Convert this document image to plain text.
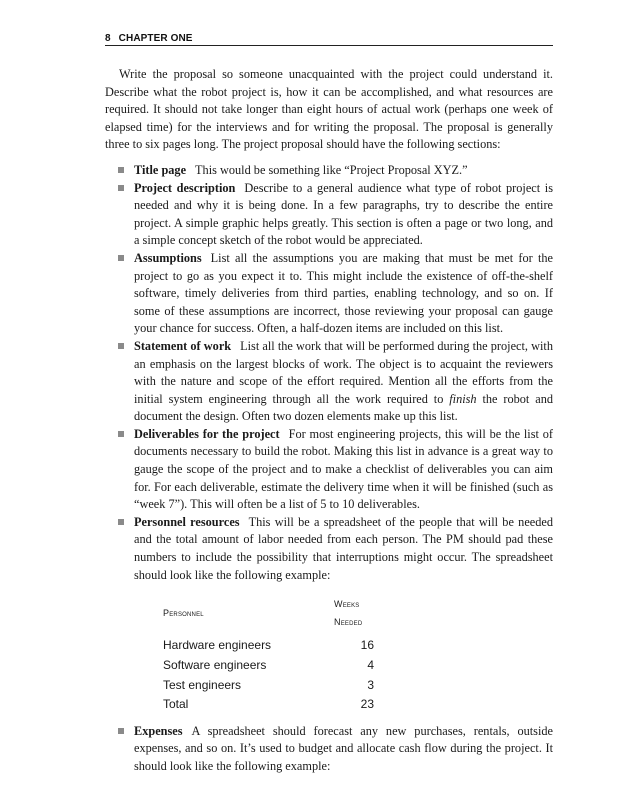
8 CHAPTER ONE

Write the proposal so someone unacquainted with the project could understand it. Describe what the robot project is, how it can be accomplished, and what resources are required. It should not take longer than eight hours of actual work (perhaps one week of elapsed time) for the interviews and for writing the proposal. The proposal is generally three to six pages long. The project proposal should have the following sections:

Title page This would be something like “Project Proposal XYZ.”
Project description Describe to a general audience what type of robot project is needed and why it is being done. In a few paragraphs, try to describe the entire project. A simple graphic helps greatly. This section is often a page or two long, and a simple concept sketch of the robot would be appreciated.
Assumptions List all the assumptions you are making that must be met for the project to go as you expect it to. This might include the existence of off-the-shelf software, timely deliveries from third parties, enabling technology, and so on. If some of these assumptions are incorrect, those reviewing your proposal can gauge your chance for success. Often, a half-dozen items are included on this list.
Statement of work List all the work that will be performed during the project, with an emphasis on the largest blocks of work. The object is to acquaint the reviewers with the nature and scope of the effort required. Mention all the efforts from the initial system engineering through all the work required to finish the robot and document the design. Often two dozen elements make up this list.
Deliverables for the project For most engineering projects, this will be the list of documents necessary to build the robot. Making this list in advance is a great way to gauge the scope of the project and to make a checklist of deliverables you can aim for. For each deliverable, estimate the delivery time when it will be finished (such as “week 7”). This will often be a list of 5 to 10 deliverables.
Personnel resources This will be a spreadsheet of the people that will be needed and the total amount of labor needed from each person. The PM should pad these numbers to include the possibility that interruptions might occur. The spreadsheet should look like the following example:
Personnel	Weeks Needed
Hardware engineers	16
Software engineers	4
Test engineers	3
Total	23
Expenses A spreadsheet should forecast any new purchases, rentals, outside expenses, and so on. It’s used to budget and allocate cash flow during the project. It should look like the following example:
